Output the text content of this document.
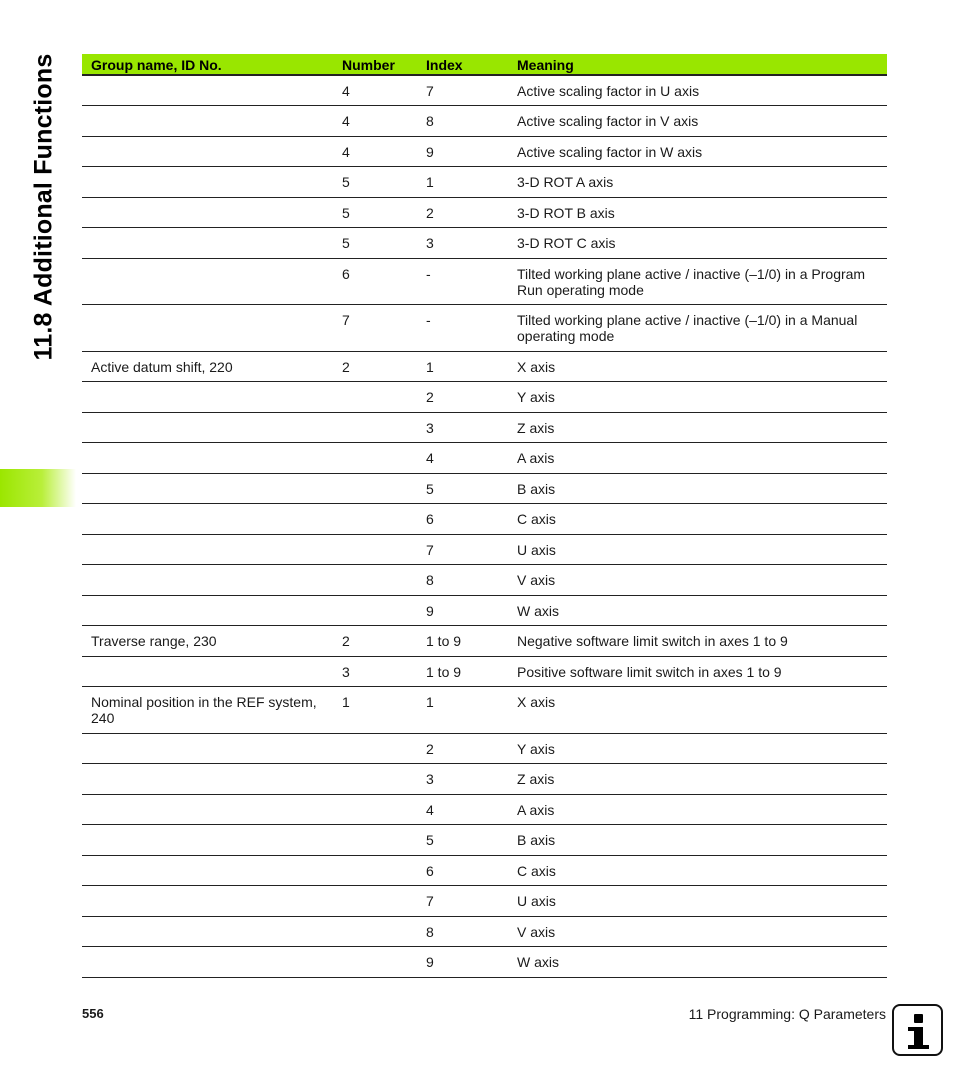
11.8 Additional Functions Group name, ID No.	Number	Index	Meaning
	4	7	Active scaling factor in U axis
	4	8	Active scaling factor in V axis
	4	9	Active scaling factor in W axis
	5	1	3-D ROT A axis
	5	2	3-D ROT B axis
	5	3	3-D ROT C axis
	6	-	Tilted working plane active / inactive (–1/0) in a Program Run operating mode
	7	-	Tilted working plane active / inactive (–1/0) in a Manual operating mode
Active datum shift, 220	2	1	X axis
		2	Y axis
		3	Z axis
		4	A axis
		5	B axis
		6	C axis
		7	U axis
		8	V axis
		9	W axis
Traverse range, 230	2	1 to 9	Negative software limit switch in axes 1 to 9
	3	1 to 9	Positive software limit switch in axes 1 to 9
Nominal position in the REF system, 240	1	1	X axis
		2	Y axis
		3	Z axis
		4	A axis
		5	B axis
		6	C axis
		7	U axis
		8	V axis
		9	W axis
556	11 Programming: Q Parameters
